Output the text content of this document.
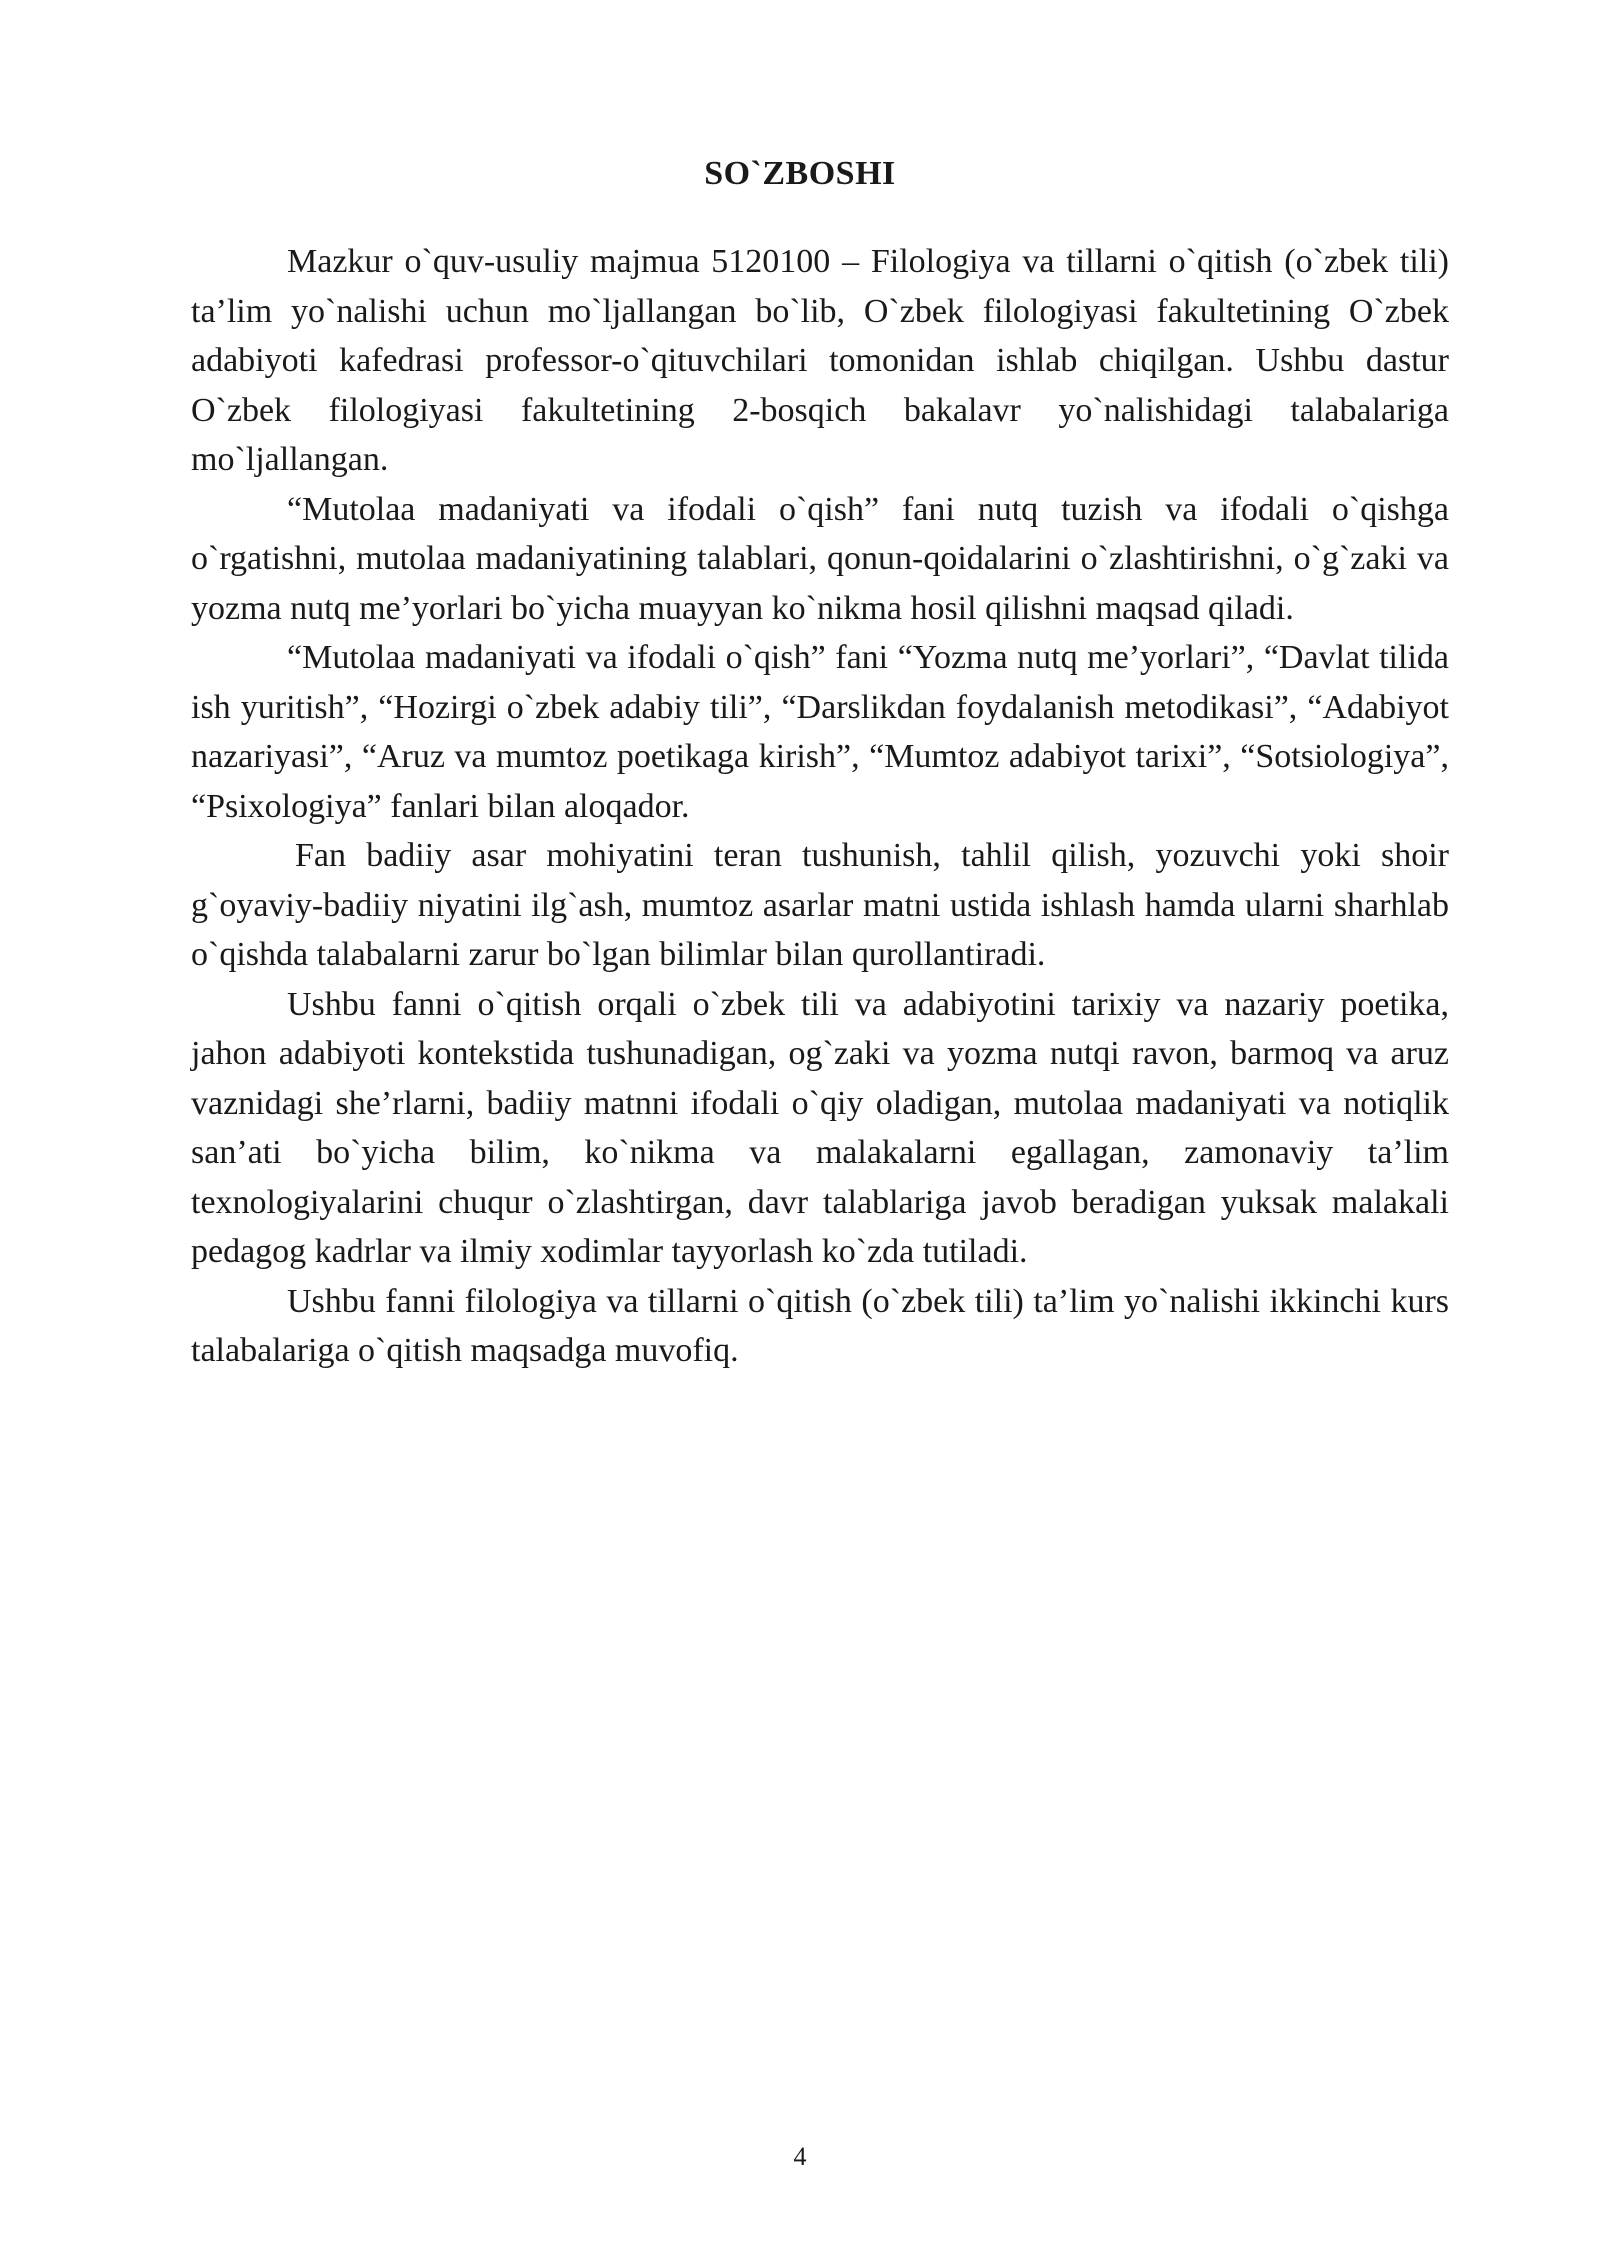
SO`ZBOSHI

Mazkur o`quv-usuliy majmua 5120100 – Filologiya va tillarni o`qitish (o`zbek tili) ta’lim yo`nalishi uchun mo`ljallangan bo`lib, O`zbek filologiyasi fakultetining O`zbek adabiyoti kafedrasi professor-o`qituvchilari tomonidan ishlab chiqilgan. Ushbu dastur O`zbek filologiyasi fakultetining 2-bosqich bakalavr yo`nalishidagi talabalariga mo`ljallangan.

“Mutolaa madaniyati va ifodali o`qish” fani nutq tuzish va ifodali o`qishga o`rgatishni, mutolaa madaniyatining talablari, qonun-qoidalarini o`zlashtirishni, o`g`zaki va yozma nutq me’yorlari bo`yicha muayyan ko`nikma hosil qilishni maqsad qiladi.

“Mutolaa madaniyati va ifodali o`qish” fani “Yozma nutq me’yorlari”, “Davlat tilida ish yuritish”, “Hozirgi o`zbek adabiy tili”, “Darslikdan foydalanish metodikasi”, “Adabiyot nazariyasi”, “Aruz va mumtoz poetikaga kirish”, “Mumtoz adabiyot tarixi”, “Sotsiologiya”, “Psixologiya” fanlari bilan aloqador.

Fan badiiy asar mohiyatini teran tushunish, tahlil qilish, yozuvchi yoki shoir g`oyaviy-badiiy niyatini ilg`ash, mumtoz asarlar matni ustida ishlash hamda ularni sharhlab o`qishda talabalarni zarur bo`lgan bilimlar bilan qurollantiradi.

Ushbu fanni o`qitish orqali o`zbek tili va adabiyotini tarixiy va nazariy poetika, jahon adabiyoti kontekstida tushunadigan, og`zaki va yozma nutqi ravon, barmoq va aruz vaznidagi she’rlarni, badiiy matnni ifodali o`qiy oladigan, mutolaa madaniyati va notiqlik san’ati bo`yicha bilim, ko`nikma va malakalarni egallagan, zamonaviy ta’lim texnologiyalarini chuqur o`zlashtirgan, davr talablariga javob beradigan yuksak malakali pedagog kadrlar va ilmiy xodimlar tayyorlash ko`zda tutiladi.

Ushbu fanni filologiya va tillarni o`qitish (o`zbek tili) ta’lim yo`nalishi ikkinchi kurs talabalariga o`qitish maqsadga muvofiq.

4
